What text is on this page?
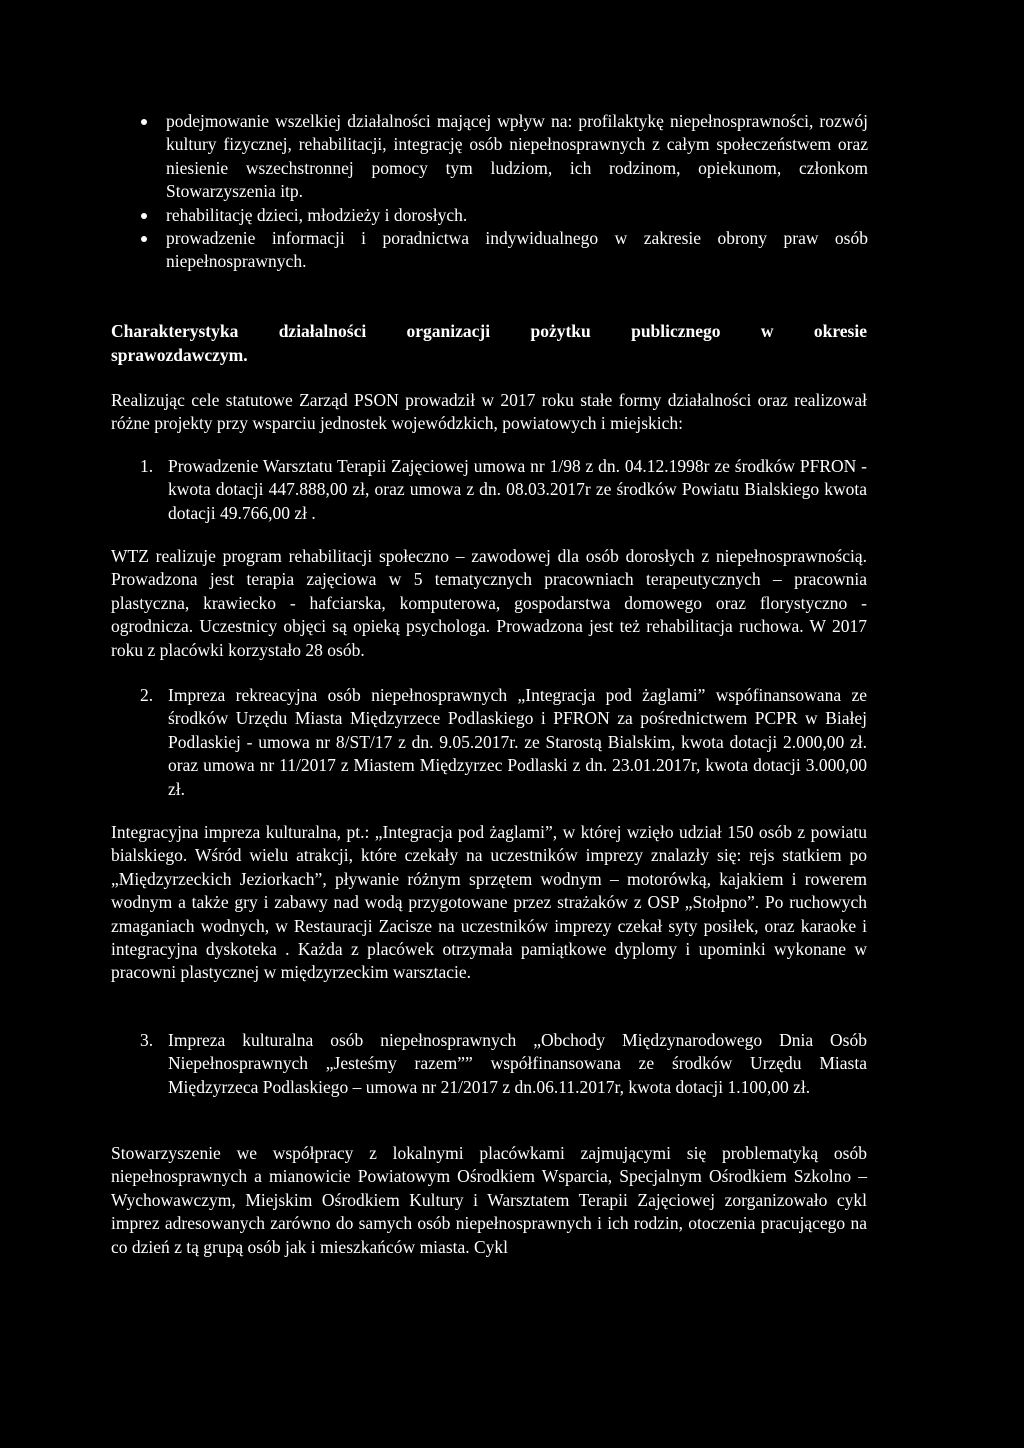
podejmowanie wszelkiej działalności mającej wpływ na: profilaktykę niepełnosprawności, rozwój kultury fizycznej, rehabilitacji, integrację osób niepełnosprawnych z całym społeczeństwem oraz niesienie wszechstronnej pomocy tym ludziom, ich rodzinom, opiekunom, członkom Stowarzyszenia itp.
rehabilitację dzieci, młodzieży i dorosłych.
prowadzenie informacji i poradnictwa indywidualnego w zakresie obrony praw osób niepełnosprawnych.

Charakterystyka działalności organizacji pożytku publicznego w okresie
sprawozdawczym.

Realizując cele statutowe Zarząd PSON prowadził w 2017 roku stałe formy działalności oraz realizował różne projekty przy wsparciu jednostek wojewódzkich, powiatowych i miejskich:

1. Prowadzenie Warsztatu Terapii Zajęciowej umowa nr 1/98 z dn. 04.12.1998r ze środków PFRON - kwota dotacji 447.888,00 zł, oraz umowa z dn. 08.03.2017r ze środków Powiatu Bialskiego kwota dotacji 49.766,00 zł .

WTZ realizuje program rehabilitacji społeczno – zawodowej dla osób dorosłych z niepełnosprawnością. Prowadzona jest terapia zajęciowa w 5 tematycznych pracowniach terapeutycznych – pracownia plastyczna, krawiecko - hafciarska, komputerowa, gospodarstwa domowego oraz florystyczno - ogrodnicza. Uczestnicy objęci są opieką psychologa. Prowadzona jest też rehabilitacja ruchowa. W 2017 roku z placówki korzystało 28 osób.

2. Impreza rekreacyjna osób niepełnosprawnych „Integracja pod żaglami” wspófinansowana ze środków Urzędu Miasta Międzyrzece Podlaskiego i PFRON za pośrednictwem PCPR w Białej Podlaskiej - umowa nr 8/ST/17 z dn. 9.05.2017r. ze Starostą Bialskim, kwota dotacji 2.000,00 zł. oraz umowa nr 11/2017 z Miastem Międzyrzec Podlaski z dn. 23.01.2017r, kwota dotacji 3.000,00 zł.

Integracyjna impreza kulturalna, pt.: „Integracja pod żaglami”, w której wzięło udział 150 osób z powiatu bialskiego. Wśród wielu atrakcji, które czekały na uczestników imprezy znalazły się: rejs statkiem po „Międzyrzeckich Jeziorkach”, pływanie różnym sprzętem wodnym – motorówką, kajakiem i rowerem wodnym a także gry i zabawy nad wodą przygotowane przez strażaków z OSP „Stołpno”. Po ruchowych zmaganiach wodnych, w Restauracji Zacisze na uczestników imprezy czekał syty posiłek, oraz karaoke i integracyjna dyskoteka . Każda z placówek otrzymała pamiątkowe dyplomy i upominki wykonane w pracowni plastycznej w międzyrzeckim warsztacie.

3. Impreza kulturalna osób niepełnosprawnych „Obchody Międzynarodowego Dnia Osób Niepełnosprawnych „Jesteśmy razem”” współfinansowana ze środków Urzędu Miasta Międzyrzeca Podlaskiego – umowa nr 21/2017 z dn.06.11.2017r, kwota dotacji 1.100,00 zł.

Stowarzyszenie we współpracy z lokalnymi placówkami zajmującymi się problematyką osób niepełnosprawnych a mianowicie Powiatowym Ośrodkiem Wsparcia, Specjalnym Ośrodkiem Szkolno – Wychowawczym, Miejskim Ośrodkiem Kultury i Warsztatem Terapii Zajęciowej zorganizowało cykl imprez adresowanych zarówno do samych osób niepełnosprawnych i ich rodzin, otoczenia pracującego na co dzień z tą grupą osób jak i mieszkańców miasta. Cykl
